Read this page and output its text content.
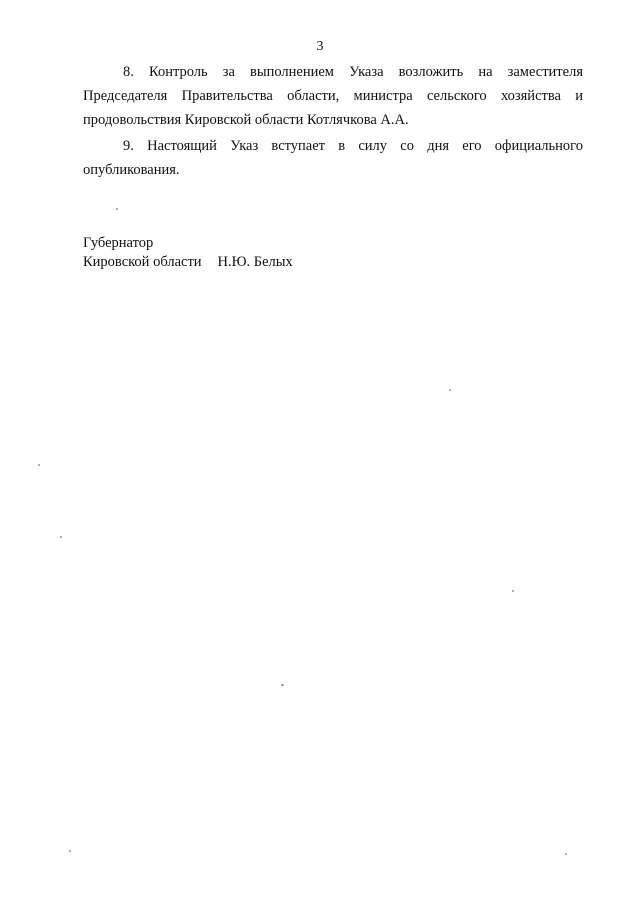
3

8. Контроль за выполнением Указа возложить на заместителя Председателя Правительства области, министра сельского хозяйства и продовольствия Кировской области Котлячкова А.А.

9. Настоящий Указ вступает в силу со дня его официального опубликования.

Губернатор
Кировской области Н.Ю. Белых
